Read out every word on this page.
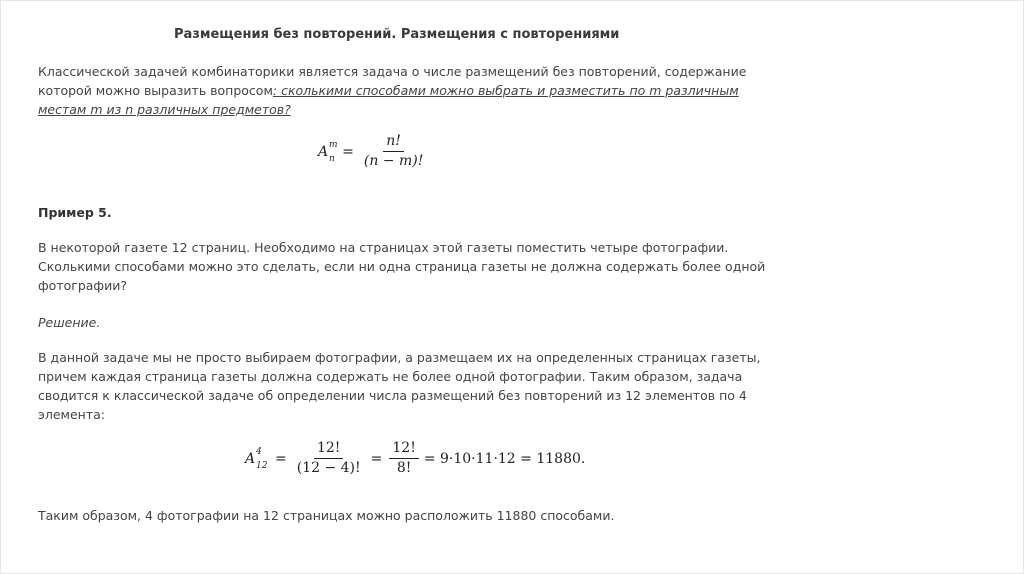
Размещения без повторений. Размещения с повторениями
Классической задачей комбинаторики является задача о числе размещений без повторений, содержание
которой можно выразить вопросом: сколькими способами можно выбрать и разместить по m различным
местам m из n различных предметов?
A m
$n = \frac{n!}{(n - m)!}$
Пример 5.
В некоторой газете 12 страниц. Необходимо на страницах этой газеты поместить четыре фотографии.
Сколькими способами можно это сделать, если ни одна страница газеты не должна содержать более одной
фотографии?
Решение.
В данной задаче мы не просто выбираем фотографии, а размещаем их на определенных страницах газеты,
причем каждая страница газеты должна содержать не более одной фотографии. Таким образом, задача
сводится к классической задаче об определении числа размещений без повторений из 12 элементов по 4
элемента:
A 4
$12 = \frac{12!}{(12 - 4)!} = \frac{12!}{8!} = 9\cdot 10\cdot 11\cdot 12 = 11880$.
Таким образом, 4 фотографии на 12 страницах можно расположить 11880 способами.
